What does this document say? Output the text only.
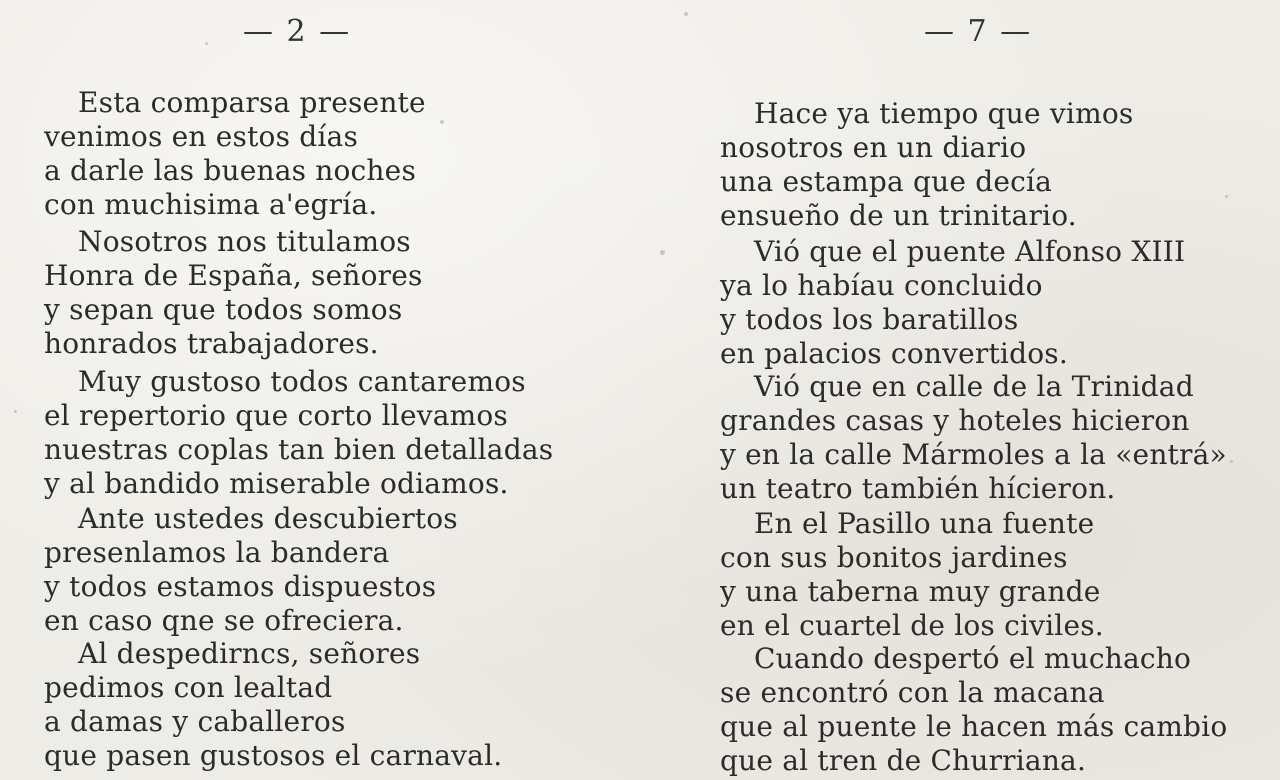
— 2 —
Esta comparsa presente
venimos en estos días
a darle las buenas noches
con muchisima a'egría.
Nosotros nos titulamos
Honra de España, señores
y sepan que todos somos
honrados trabajadores.
Muy gustoso todos cantaremos
el repertorio que corto llevamos
nuestras coplas tan bien detalladas
y al bandido miserable odiamos.
Ante ustedes descubiertos
presenlamos la bandera
y todos estamos dispuestos
en caso qne se ofreciera.
Al despedirncs, señores
pedimos con lealtad
a damas y caballeros
que pasen gustosos el carnaval.
— 7 —
Hace ya tiempo que vimos
nosotros en un diario
una estampa que decía
ensueño de un trinitario.
Vió que el puente Alfonso XIII
ya lo habíau concluido
y todos los baratillos
en palacios convertidos.
Vió que en calle de la Trinidad
grandes casas y hoteles hicieron
y en la calle Mármoles a la «entrá»
un teatro también hícieron.
En el Pasillo una fuente
con sus bonitos jardines
y una taberna muy grande
en el cuartel de los civiles.
Cuando despertó el muchacho
se encontró con la macana
que al puente le hacen más cambio
que al tren de Churriana.
